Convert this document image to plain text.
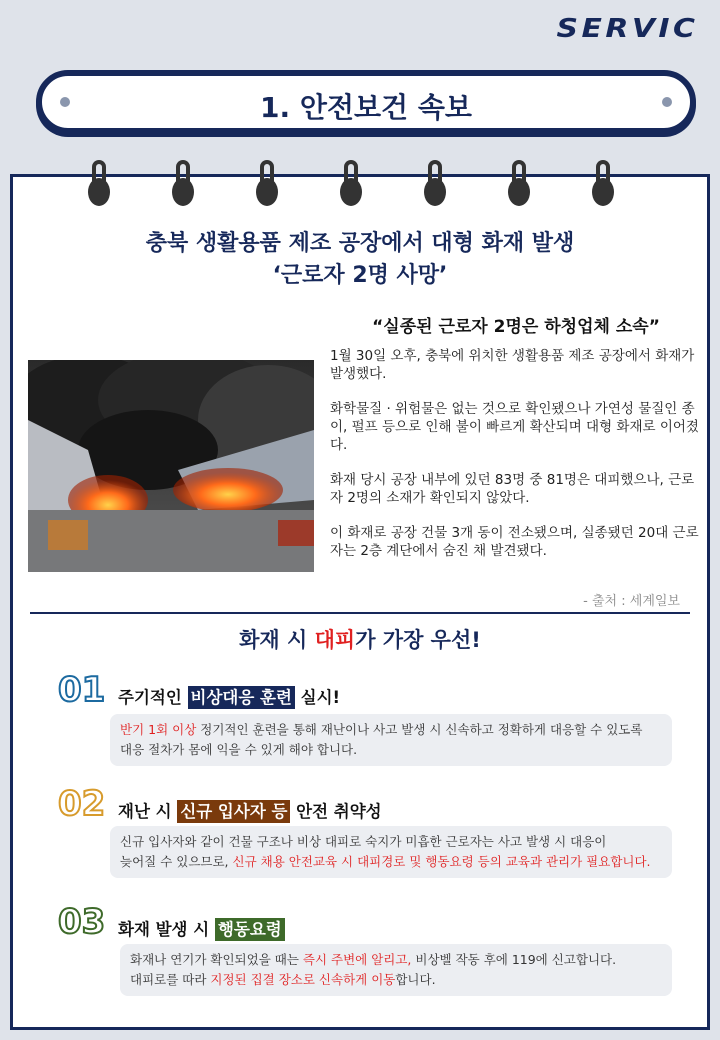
SERVIC
1. 안전보건 속보
충북 생활용품 제조 공장에서 대형 화재 발생
‘근로자 2명 사망’
“실종된 근로자 2명은 하청업체 소속”

1월 30일 오후, 충북에 위치한 생활용품 제조 공장에서 화재가 발생했다.

화학물질 · 위험물은 없는 것으로 확인됐으나 가연성 물질인 종이, 펄프 등으로 인해 불이 빠르게 확산되며 대형 화재로 이어졌다.

화재 당시 공장 내부에 있던 83명 중 81명은 대피했으나, 근로자 2명의 소재가 확인되지 않았다.

이 화재로 공장 건물 3개 동이 전소됐으며, 실종됐던 20대 근로자는 2층 계단에서 숨진 채 발견됐다.

- 출처 : 세계일보
화재 시 대피가 가장 우선!
01 주기적인 비상대응 훈련 실시!
반기 1회 이상 정기적인 훈련을 통해 재난이나 사고 발생 시 신속하고 정확하게 대응할 수 있도록
대응 절차가 몸에 익을 수 있게 해야 합니다.
02 재난 시 신규 입사자 등 안전 취약성
신규 입사자와 같이 건물 구조나 비상 대피로 숙지가 미흡한 근로자는 사고 발생 시 대응이
늦어질 수 있으므로, 신규 채용 안전교육 시 대피경로 및 행동요령 등의 교육과 관리가 필요합니다.
03 화재 발생 시 행동요령
화재나 연기가 확인되었을 때는 즉시 주변에 알리고, 비상벨 작동 후에 119에 신고합니다.
대피로를 따라 지정된 집결 장소로 신속하게 이동합니다.
